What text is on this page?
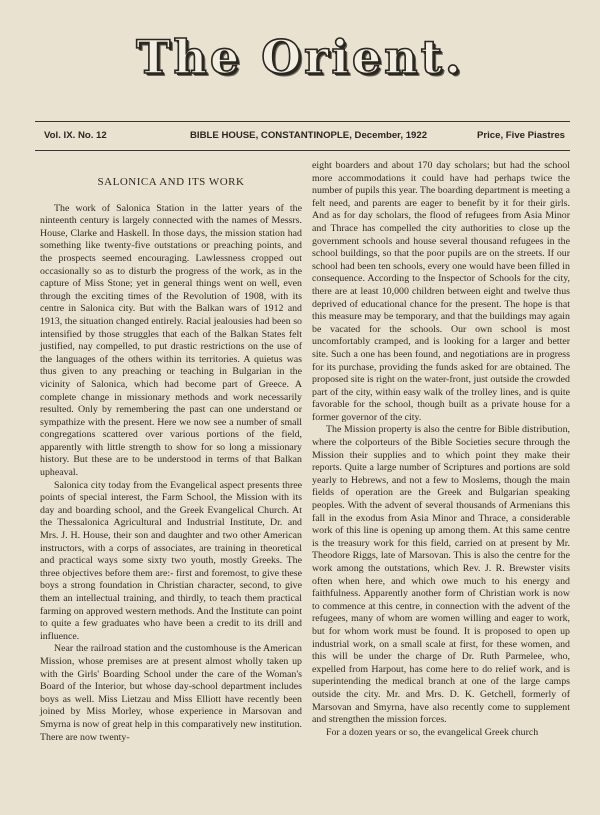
The Orient.
Vol. IX. No. 12	BIBLE HOUSE, CONSTANTINOPLE, December, 1922	Price, Five Piastres
SALONICA AND ITS WORK

The work of Salonica Station in the latter years of the ninteenth century is largely connected with the names of Messrs. House, Clarke and Haskell. In those days, the mission station had something like twenty-five outstations or preaching points, and the prospects seemed encouraging. Lawlessness cropped out occasionally so as to disturb the progress of the work, as in the capture of Miss Stone; yet in general things went on well, even through the exciting times of the Revolution of 1908, with its centre in Salonica city. But with the Balkan wars of 1912 and 1913, the situation changed entirely. Racial jealousies had been so intensified by those struggles that each of the Balkan States felt justified, nay compelled, to put drastic restrictions on the use of the languages of the others within its territories. A quietus was thus given to any preaching or teaching in Bulgarian in the vicinity of Salonica, which had become part of Greece. A complete change in missionary methods and work necessarily resulted. Only by remembering the past can one understand or sympathize with the present. Here we now see a number of small congregations scattered over various portions of the field, apparently with little strength to show for so long a missionary history. But these are to be understood in terms of that Balkan upheaval.

Salonica city today from the Evangelical aspect presents three points of special interest, the Farm School, the Mission with its day and boarding school, and the Greek Evangelical Church. At the Thessalonica Agricultural and Industrial Institute, Dr. and Mrs. J. H. House, their son and daughter and two other American instructors, with a corps of associates, are training in theoretical and practical ways some sixty two youth, mostly Greeks. The three objectives before them are:- first and foremost, to give these boys a strong foundation in Christian character, second, to give them an intellectual training, and thirdly, to teach them practical farming on approved western methods. And the Institute can point to quite a few graduates who have been a credit to its drill and influence.

Near the railroad station and the customhouse is the American Mission, whose premises are at present almost wholly taken up with the Girls' Boarding School under the care of the Woman's Board of the Interior, but whose day-school department includes boys as well. Miss Lietzau and Miss Elliott have recently been joined by Miss Morley, whose experience in Marsovan and Smyrna is now of great help in this comparatively new institution. There are now twenty-

eight boarders and about 170 day scholars; but had the school more accommodations it could have had perhaps twice the number of pupils this year. The boarding department is meeting a felt need, and parents are eager to benefit by it for their girls. And as for day scholars, the flood of refugees from Asia Minor and Thrace has compelled the city authorities to close up the government schools and house several thousand refugees in the school buildings, so that the poor pupils are on the streets. If our school had been ten schools, every one would have been filled in consequence. According to the Inspector of Schools for the city, there are at least 10,000 children between eight and twelve thus deprived of educational chance for the present. The hope is that this measure may be temporary, and that the buildings may again be vacated for the schools. Our own school is most uncomfortably cramped, and is looking for a larger and better site. Such a one has been found, and negotiations are in progress for its purchase, providing the funds asked for are obtained. The proposed site is right on the water-front, just outside the crowded part of the city, within easy walk of the trolley lines, and is quite favorable for the school, though built as a private house for a former governor of the city.

The Mission property is also the centre for Bible distribution, where the colporteurs of the Bible Societies secure through the Mission their supplies and to which point they make their reports. Quite a large number of Scriptures and portions are sold yearly to Hebrews, and not a few to Moslems, though the main fields of operation are the Greek and Bulgarian speaking peoples. With the advent of several thousands of Armenians this fall in the exodus from Asia Minor and Thrace, a considerable work of this line is opening up among them. At this same centre is the treasury work for this field, carried on at present by Mr. Theodore Riggs, late of Marsovan. This is also the centre for the work among the outstations, which Rev. J. R. Brewster visits often when here, and which owe much to his energy and faithfulness. Apparently another form of Christian work is now to commence at this centre, in connection with the advent of the refugees, many of whom are women willing and eager to work, but for whom work must be found. It is proposed to open up industrial work, on a small scale at first, for these women, and this will be under the charge of Dr. Ruth Parmelee, who, expelled from Harpout, has come here to do relief work, and is superintending the medical branch at one of the large camps outside the city. Mr. and Mrs. D. K. Getchell, formerly of Marsovan and Smyrna, have also recently come to supplement and strengthen the mission forces.

For a dozen years or so, the evangelical Greek church
